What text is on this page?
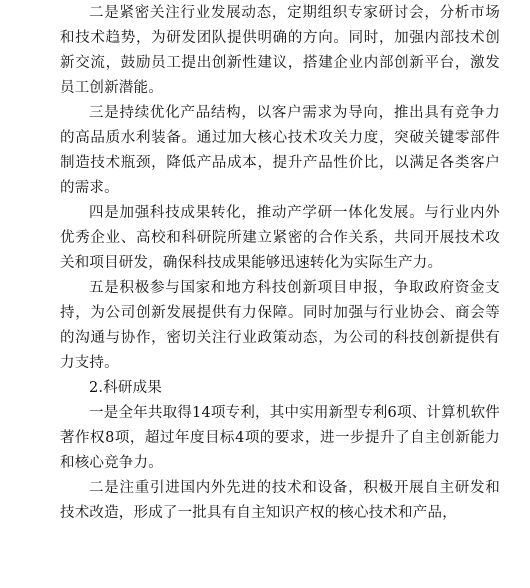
二是紧密关注行业发展动态，定期组织专家研讨会，分析市场和技术趋势，为研发团队提供明确的方向。同时，加强内部技术创新交流，鼓励员工提出创新性建议，搭建企业内部创新平台，激发员工创新潜能。

三是持续优化产品结构，以客户需求为导向，推出具有竞争力的高品质水利装备。通过加大核心技术攻关力度，突破关键零部件制造技术瓶颈，降低产品成本，提升产品性价比，以满足各类客户的需求。

四是加强科技成果转化，推动产学研一体化发展。与行业内外优秀企业、高校和科研院所建立紧密的合作关系，共同开展技术攻关和项目研发，确保科技成果能够迅速转化为实际生产力。

五是积极参与国家和地方科技创新项目申报，争取政府资金支持，为公司创新发展提供有力保障。同时加强与行业协会、商会等的沟通与协作，密切关注行业政策动态，为公司的科技创新提供有力支持。

2.科研成果

一是全年共取得14项专利，其中实用新型专利6项、计算机软件著作权8项，超过年度目标4项的要求，进一步提升了自主创新能力和核心竞争力。

二是注重引进国内外先进的技术和设备，积极开展自主研发和技术改造，形成了一批具有自主知识产权的核心技术和产品，
